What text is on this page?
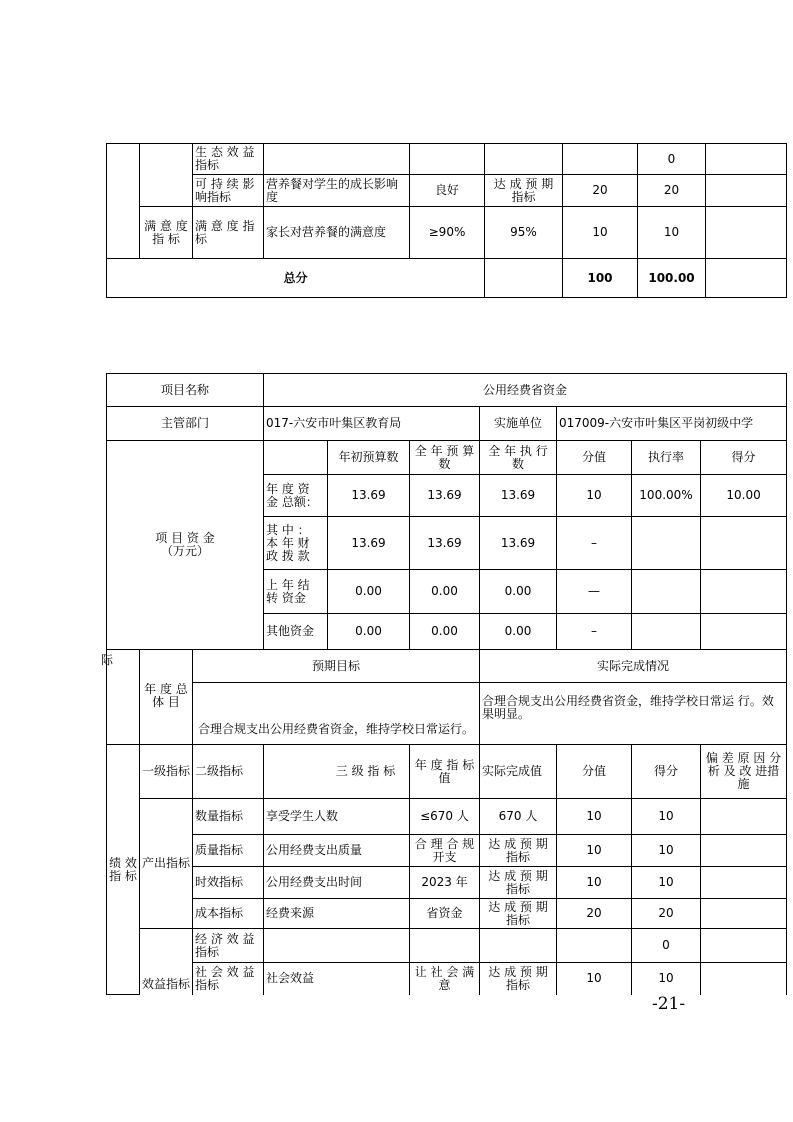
		生 态 效 益 指标					0	
		可 持 续 影 响指标	营养餐对学生的成长影响度	良好	达 成 预 期 指标	20	20	
	满 意 度 指 标	满 意 度 指 标	家长对营养餐的满意度	≥90%	95%	10	10	
总分						100	100.00	
项目名称			公用经费省资金						
主管部门			017-六安市叶集区教育局			实施单位	017009-六安市叶集区平岗初级中学		
项 目 资 金
（万元）				年初预算数	全 年 预 算 数	全 年 执 行 数	分值	执行率	得分
			年 度 资 金 总额：	13.69	13.69	13.69	10	100.00%	10.00
			其 中 ： 本 年 财 政 拨 款	13.69	13.69	13.69	–		
			上 年 结 转 资金	0.00	0.00	0.00	—		
			其他资金	0.00	0.00	0.00	–		

际		预期目标				实际完成情况			
	年 度 总 体 目	合理合规支出公用经费省资金，维持学校日常运行。				合理合规支出公用经费省资金，维持学校日常运 行。效果明显。			
绩 效 指 标	一级指标	二级指标	三 级 指 标		年 度 指 标 值	实际完成值	分值	得分	偏 差 原 因 分 析 及 改 进措施
	产出指标	数量指标	享受学生人数		≤670 人	670 人	10	10	
		质量指标	公用经费支出质量		合 理 合 规 开支	达 成 预 期 指标	10	10	
		时效指标	公用经费支出时间		2023 年	达 成 预 期 指标	10	10	
		成本指标	经费来源		省资金	达 成 预 期 指标	20	20	
	效益指标	经 济 效 益 指标						0	
		社 会 效 益 指标	社会效益		让 社 会 满 意	达 成 预 期 指标	10	10	
-21-
